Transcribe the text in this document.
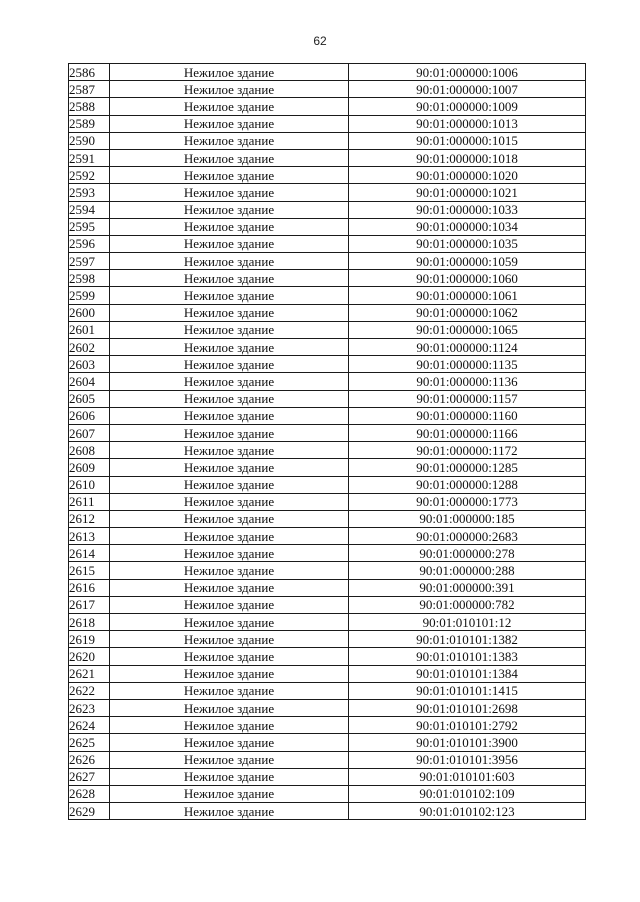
62
2586	Нежилое здание	90:01:000000:1006
2587	Нежилое здание	90:01:000000:1007
2588	Нежилое здание	90:01:000000:1009
2589	Нежилое здание	90:01:000000:1013
2590	Нежилое здание	90:01:000000:1015
2591	Нежилое здание	90:01:000000:1018
2592	Нежилое здание	90:01:000000:1020
2593	Нежилое здание	90:01:000000:1021
2594	Нежилое здание	90:01:000000:1033
2595	Нежилое здание	90:01:000000:1034
2596	Нежилое здание	90:01:000000:1035
2597	Нежилое здание	90:01:000000:1059
2598	Нежилое здание	90:01:000000:1060
2599	Нежилое здание	90:01:000000:1061
2600	Нежилое здание	90:01:000000:1062
2601	Нежилое здание	90:01:000000:1065
2602	Нежилое здание	90:01:000000:1124
2603	Нежилое здание	90:01:000000:1135
2604	Нежилое здание	90:01:000000:1136
2605	Нежилое здание	90:01:000000:1157
2606	Нежилое здание	90:01:000000:1160
2607	Нежилое здание	90:01:000000:1166
2608	Нежилое здание	90:01:000000:1172
2609	Нежилое здание	90:01:000000:1285
2610	Нежилое здание	90:01:000000:1288
2611	Нежилое здание	90:01:000000:1773
2612	Нежилое здание	90:01:000000:185
2613	Нежилое здание	90:01:000000:2683
2614	Нежилое здание	90:01:000000:278
2615	Нежилое здание	90:01:000000:288
2616	Нежилое здание	90:01:000000:391
2617	Нежилое здание	90:01:000000:782
2618	Нежилое здание	90:01:010101:12
2619	Нежилое здание	90:01:010101:1382
2620	Нежилое здание	90:01:010101:1383
2621	Нежилое здание	90:01:010101:1384
2622	Нежилое здание	90:01:010101:1415
2623	Нежилое здание	90:01:010101:2698
2624	Нежилое здание	90:01:010101:2792
2625	Нежилое здание	90:01:010101:3900
2626	Нежилое здание	90:01:010101:3956
2627	Нежилое здание	90:01:010101:603
2628	Нежилое здание	90:01:010102:109
2629	Нежилое здание	90:01:010102:123
